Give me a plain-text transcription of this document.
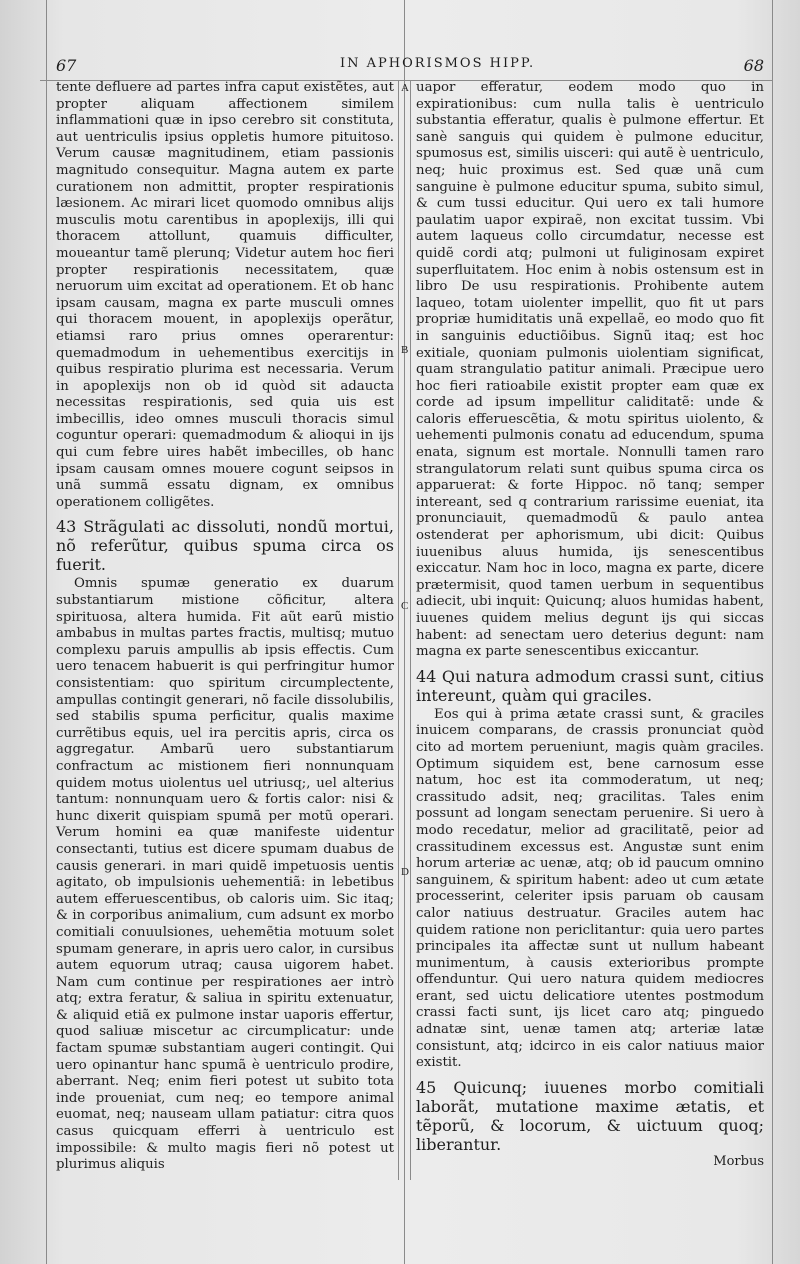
67	IN APHORISMOS HIPP.	68
A
B
C
D

tente defluere ad partes infra caput existẽtes, aut propter aliquam affectionem similem inflammationi quæ in ipso cerebro sit constituta, aut uentriculis ipsius oppletis humore pituitoso. Verum causæ magnitudinem, etiam passionis magnitudo consequitur. Magna autem ex parte curationem non admittit, propter respirationis læsionem. Ac mirari licet quomodo omnibus alijs musculis motu carentibus in apoplexijs, illi qui thoracem attollunt, quamuis difficulter, moueantur tamẽ plerunq; Videtur autem hoc fieri propter respirationis necessitatem, quæ neruorum uim excitat ad operationem. Et ob hanc ipsam causam, magna ex parte musculi omnes qui thoracem mouent, in apoplexijs operãtur, etiamsi raro prius omnes operarentur: quemadmodum in uehementibus exercitijs in quibus respiratio plurima est necessaria. Verum in apoplexijs non ob id quòd sit adaucta necessitas respirationis, sed quia uis est imbecillis, ideo omnes musculi thoracis simul coguntur operari: quemadmodum & alioqui in ijs qui cum febre uires habẽt imbecilles, ob hanc ipsam causam omnes mouere cogunt seipsos in unã summã essatu dignam, ex omnibus operationem colligẽtes.

43 Strãgulati ac dissoluti, nondũ mortui, nõ referũtur, quibus spuma circa os fuerit.

Omnis spumæ generatio ex duarum substantiarum mistione cõficitur, altera spirituosa, altera humida. Fit aũt earũ mistio ambabus in multas partes fractis, multisq; mutuo complexu paruis ampullis ab ipsis effectis. Cum uero tenacem habuerit is qui perfringitur humor consistentiam: quo spiritum circumplectente, ampullas contingit generari, nõ facile dissolubilis, sed stabilis spuma perficitur, qualis maxime currẽtibus equis, uel ira percitis apris, circa os aggregatur. Ambarũ uero substantiarum confractum ac mistionem fieri nonnunquam quidem motus uiolentus uel utriusq;, uel alterius tantum: nonnunquam uero & fortis calor: nisi & hunc dixerit quispiam spumã per motũ operari. Verum homini ea quæ manifeste uidentur consectanti, tutius est dicere spumam duabus de causis generari. in mari quidẽ impetuosis uentis agitato, ob impulsionis uehementiã: in lebetibus autem efferuescentibus, ob caloris uim. Sic itaq; & in corporibus animalium, cum adsunt ex morbo comitiali conuulsiones, uehemẽtia motuum solet spumam generare, in apris uero calor, in cursibus autem equorum utraq; causa uigorem habet. Nam cum continue per respirationes aer intrò atq; extra feratur, & saliua in spiritu extenuatur, & aliquid etiã ex pulmone instar uaporis effertur, quod saliuæ miscetur ac circumplicatur: unde factam spumæ substantiam augeri contingit. Qui uero opinantur hanc spumã è uentriculo prodire, aberrant. Neq; enim fieri potest ut subito tota inde proueniat, cum neq; eo tempore animal euomat, neq; nauseam ullam patiatur: citra quos casus quicquam efferri à uentriculo est impossibile: & multo magis fieri nõ potest ut plurimus aliquis

uapor efferatur, eodem modo quo in expirationibus: cum nulla talis è uentriculo substantia efferatur, qualis è pulmone effertur. Et sanè sanguis qui quidem è pulmone educitur, spumosus est, similis uisceri: qui autẽ è uentriculo, neq; huic proximus est. Sed quæ unã cum sanguine è pulmone educitur spuma, subito simul, & cum tussi educitur. Qui uero ex tali humore paulatim uapor expiraẽ, non excitat tussim. Vbi autem laqueus collo circumdatur, necesse est quidẽ cordi atq; pulmoni ut fuliginosam expiret superfluitatem. Hoc enim à nobis ostensum est in libro De usu respirationis. Prohibente autem laqueo, totam uiolenter impellit, quo fit ut pars propriæ humiditatis unã expellaẽ, eo modo quo fit in sanguinis eductiõibus. Signũ itaq; est hoc exitiale, quoniam pulmonis uiolentiam significat, quam strangulatio patitur animali. Præcipue uero hoc fieri ratioabile existit propter eam quæ ex corde ad ipsum impellitur caliditatẽ: unde & caloris efferuescẽtia, & motu spiritus uiolento, & uehementi pulmonis conatu ad educendum, spuma enata, signum est mortale. Nonnulli tamen raro strangulatorum relati sunt quibus spuma circa os apparuerat: & forte Hippoc. nõ tanq; semper intereant, sed q contrarium rarissime eueniat, ita pronunciauit, quemadmodũ & paulo antea ostenderat per aphorismum, ubi dicit: Quibus iuuenibus aluus humida, ijs senescentibus exiccatur. Nam hoc in loco, magna ex parte, dicere prætermisit, quod tamen uerbum in sequentibus adiecit, ubi inquit: Quicunq; aluos humidas habent, iuuenes quidem melius degunt ijs qui siccas habent: ad senectam uero deterius degunt: nam magna ex parte senescentibus exiccantur.

44 Qui natura admodum crassi sunt, citius intereunt, quàm qui graciles.

Eos qui à prima ætate crassi sunt, & graciles inuicem comparans, de crassis pronunciat quòd cito ad mortem perueniunt, magis quàm graciles. Optimum siquidem est, bene carnosum esse natum, hoc est ita commoderatum, ut neq; crassitudo adsit, neq; gracilitas. Tales enim possunt ad longam senectam peruenire. Si uero à modo recedatur, melior ad gracilitatẽ, peior ad crassitudinem excessus est. Angustæ sunt enim horum arteriæ ac uenæ, atq; ob id paucum omnino sanguinem, & spiritum habent: adeo ut cum ætate processerint, celeriter ipsis paruam ob causam calor natiuus destruatur. Graciles autem hac quidem ratione non periclitantur: quia uero partes principales ita affectæ sunt ut nullum habeant munimentum, à causis exterioribus prompte offenduntur. Qui uero natura quidem mediocres erant, sed uictu delicatiore utentes postmodum crassi facti sunt, ijs licet caro atq; pinguedo adnatæ sint, uenæ tamen atq; arteriæ latæ consistunt, atq; idcirco in eis calor natiuus maior existit.

45 Quicunq; iuuenes morbo comitiali laborãt, mutatione maxime ætatis, et tẽporũ, & locorum, & uictuum quoq; liberantur.

Morbus
